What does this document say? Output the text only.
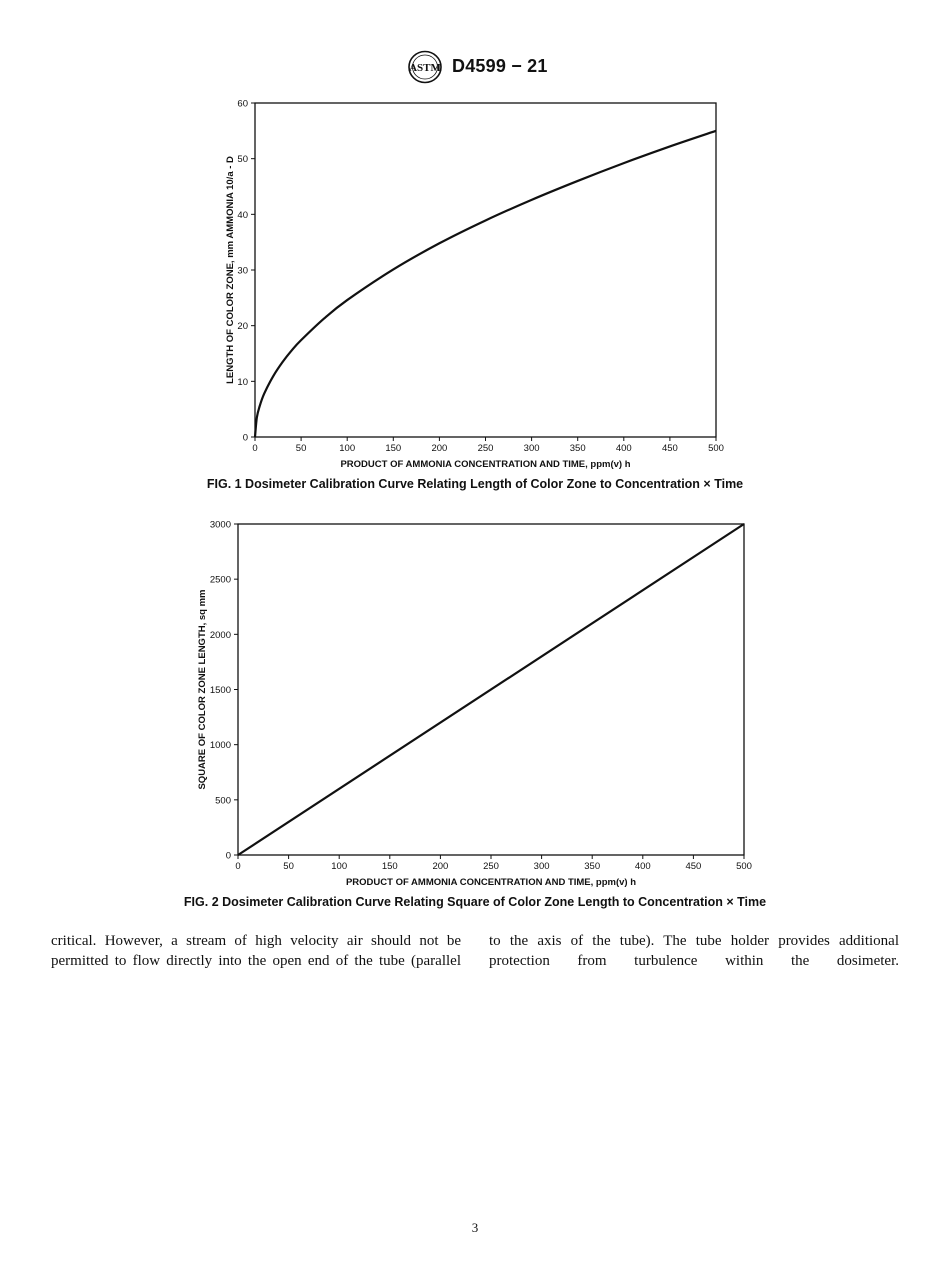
ASTM D4599 − 21
0	50	100	150	200	250	300	350	400	450	500
0
10
20
30
40
50
60
PRODUCT OF AMMONIA CONCENTRATION AND TIME, ppm(v) h
LENGTH OF COLOR ZONE, mm AMMONIA 10/a - D
FIG. 1 Dosimeter Calibration Curve Relating Length of Color Zone to Concentration × Time
0	50	100	150	200	250	300	350	400	450	500
0
500
1000
1500
2000
2500
3000
PRODUCT OF AMMONIA CONCENTRATION AND TIME, ppm(v) h
SQUARE OF COLOR ZONE LENGTH, sq mm
FIG. 2 Dosimeter Calibration Curve Relating Square of Color Zone Length to Concentration × Time

critical. However, a stream of high velocity air should not be permitted to flow directly into the open end of the tube (parallel

to the axis of the tube). The tube holder provides additional protection from turbulence within the dosimeter.

3
